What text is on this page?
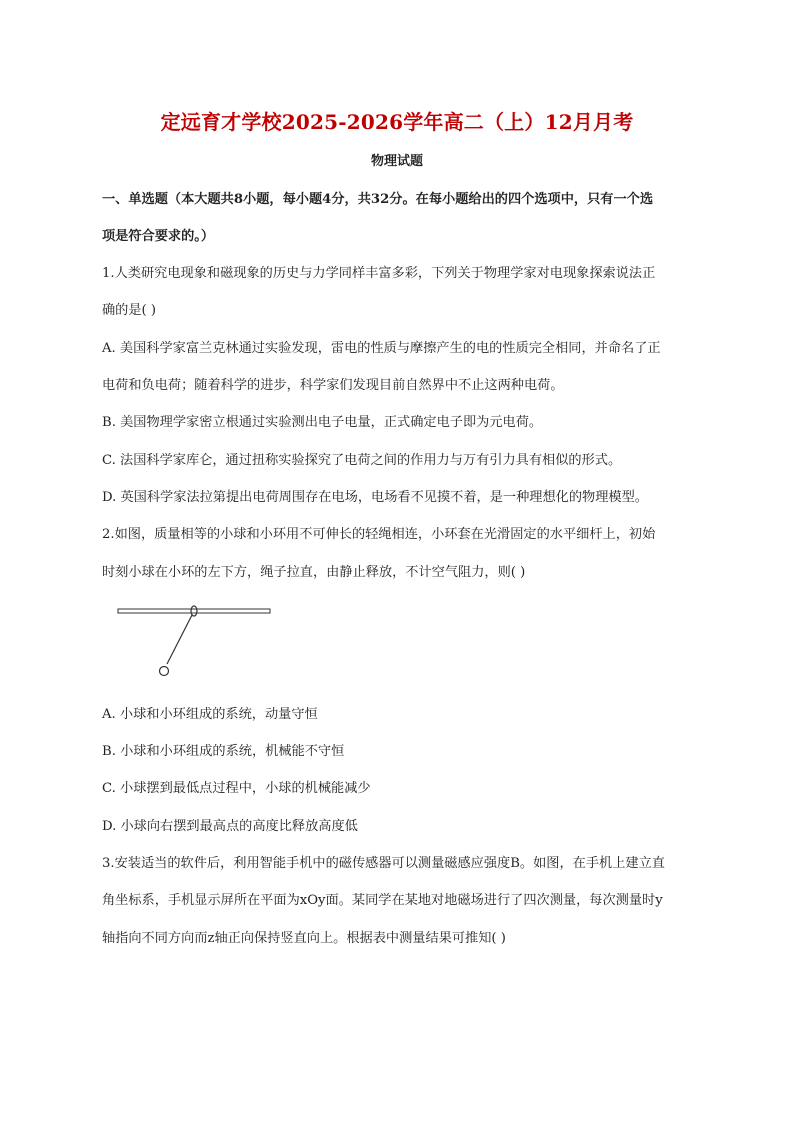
定远育才学校2025-2026学年高二（上）12月月考
物理试题
一、单选题（本大题共8小题，每小题4分，共32分。在每小题给出的四个选项中，只有一个选
项是符合要求的。）
1.人类研究电现象和磁现象的历史与力学同样丰富多彩，下列关于物理学家对电现象探索说法正
确的是( )
A. 美国科学家富兰克林通过实验发现，雷电的性质与摩擦产生的电的性质完全相同，并命名了正
电荷和负电荷；随着科学的进步，科学家们发现目前自然界中不止这两种电荷。
B. 美国物理学家密立根通过实验测出电子电量，正式确定电子即为元电荷。
C. 法国科学家库仑，通过扭称实验探究了电荷之间的作用力与万有引力具有相似的形式。
D. 英国科学家法拉第提出电荷周围存在电场，电场看不见摸不着，是一种理想化的物理模型。
2.如图，质量相等的小球和小环用不可伸长的轻绳相连，小环套在光滑固定的水平细杆上，初始
时刻小球在小环的左下方，绳子拉直，由静止释放，不计空气阻力，则( )
A. 小球和小环组成的系统，动量守恒
B. 小球和小环组成的系统，机械能不守恒
C. 小球摆到最低点过程中，小球的机械能减少
D. 小球向右摆到最高点的高度比释放高度低
3.安装适当的软件后，利用智能手机中的磁传感器可以测量磁感应强度B。如图，在手机上建立直
角坐标系，手机显示屏所在平面为xOy面。某同学在某地对地磁场进行了四次测量，每次测量时y
轴指向不同方向而z轴正向保持竖直向上。根据表中测量结果可推知( )
